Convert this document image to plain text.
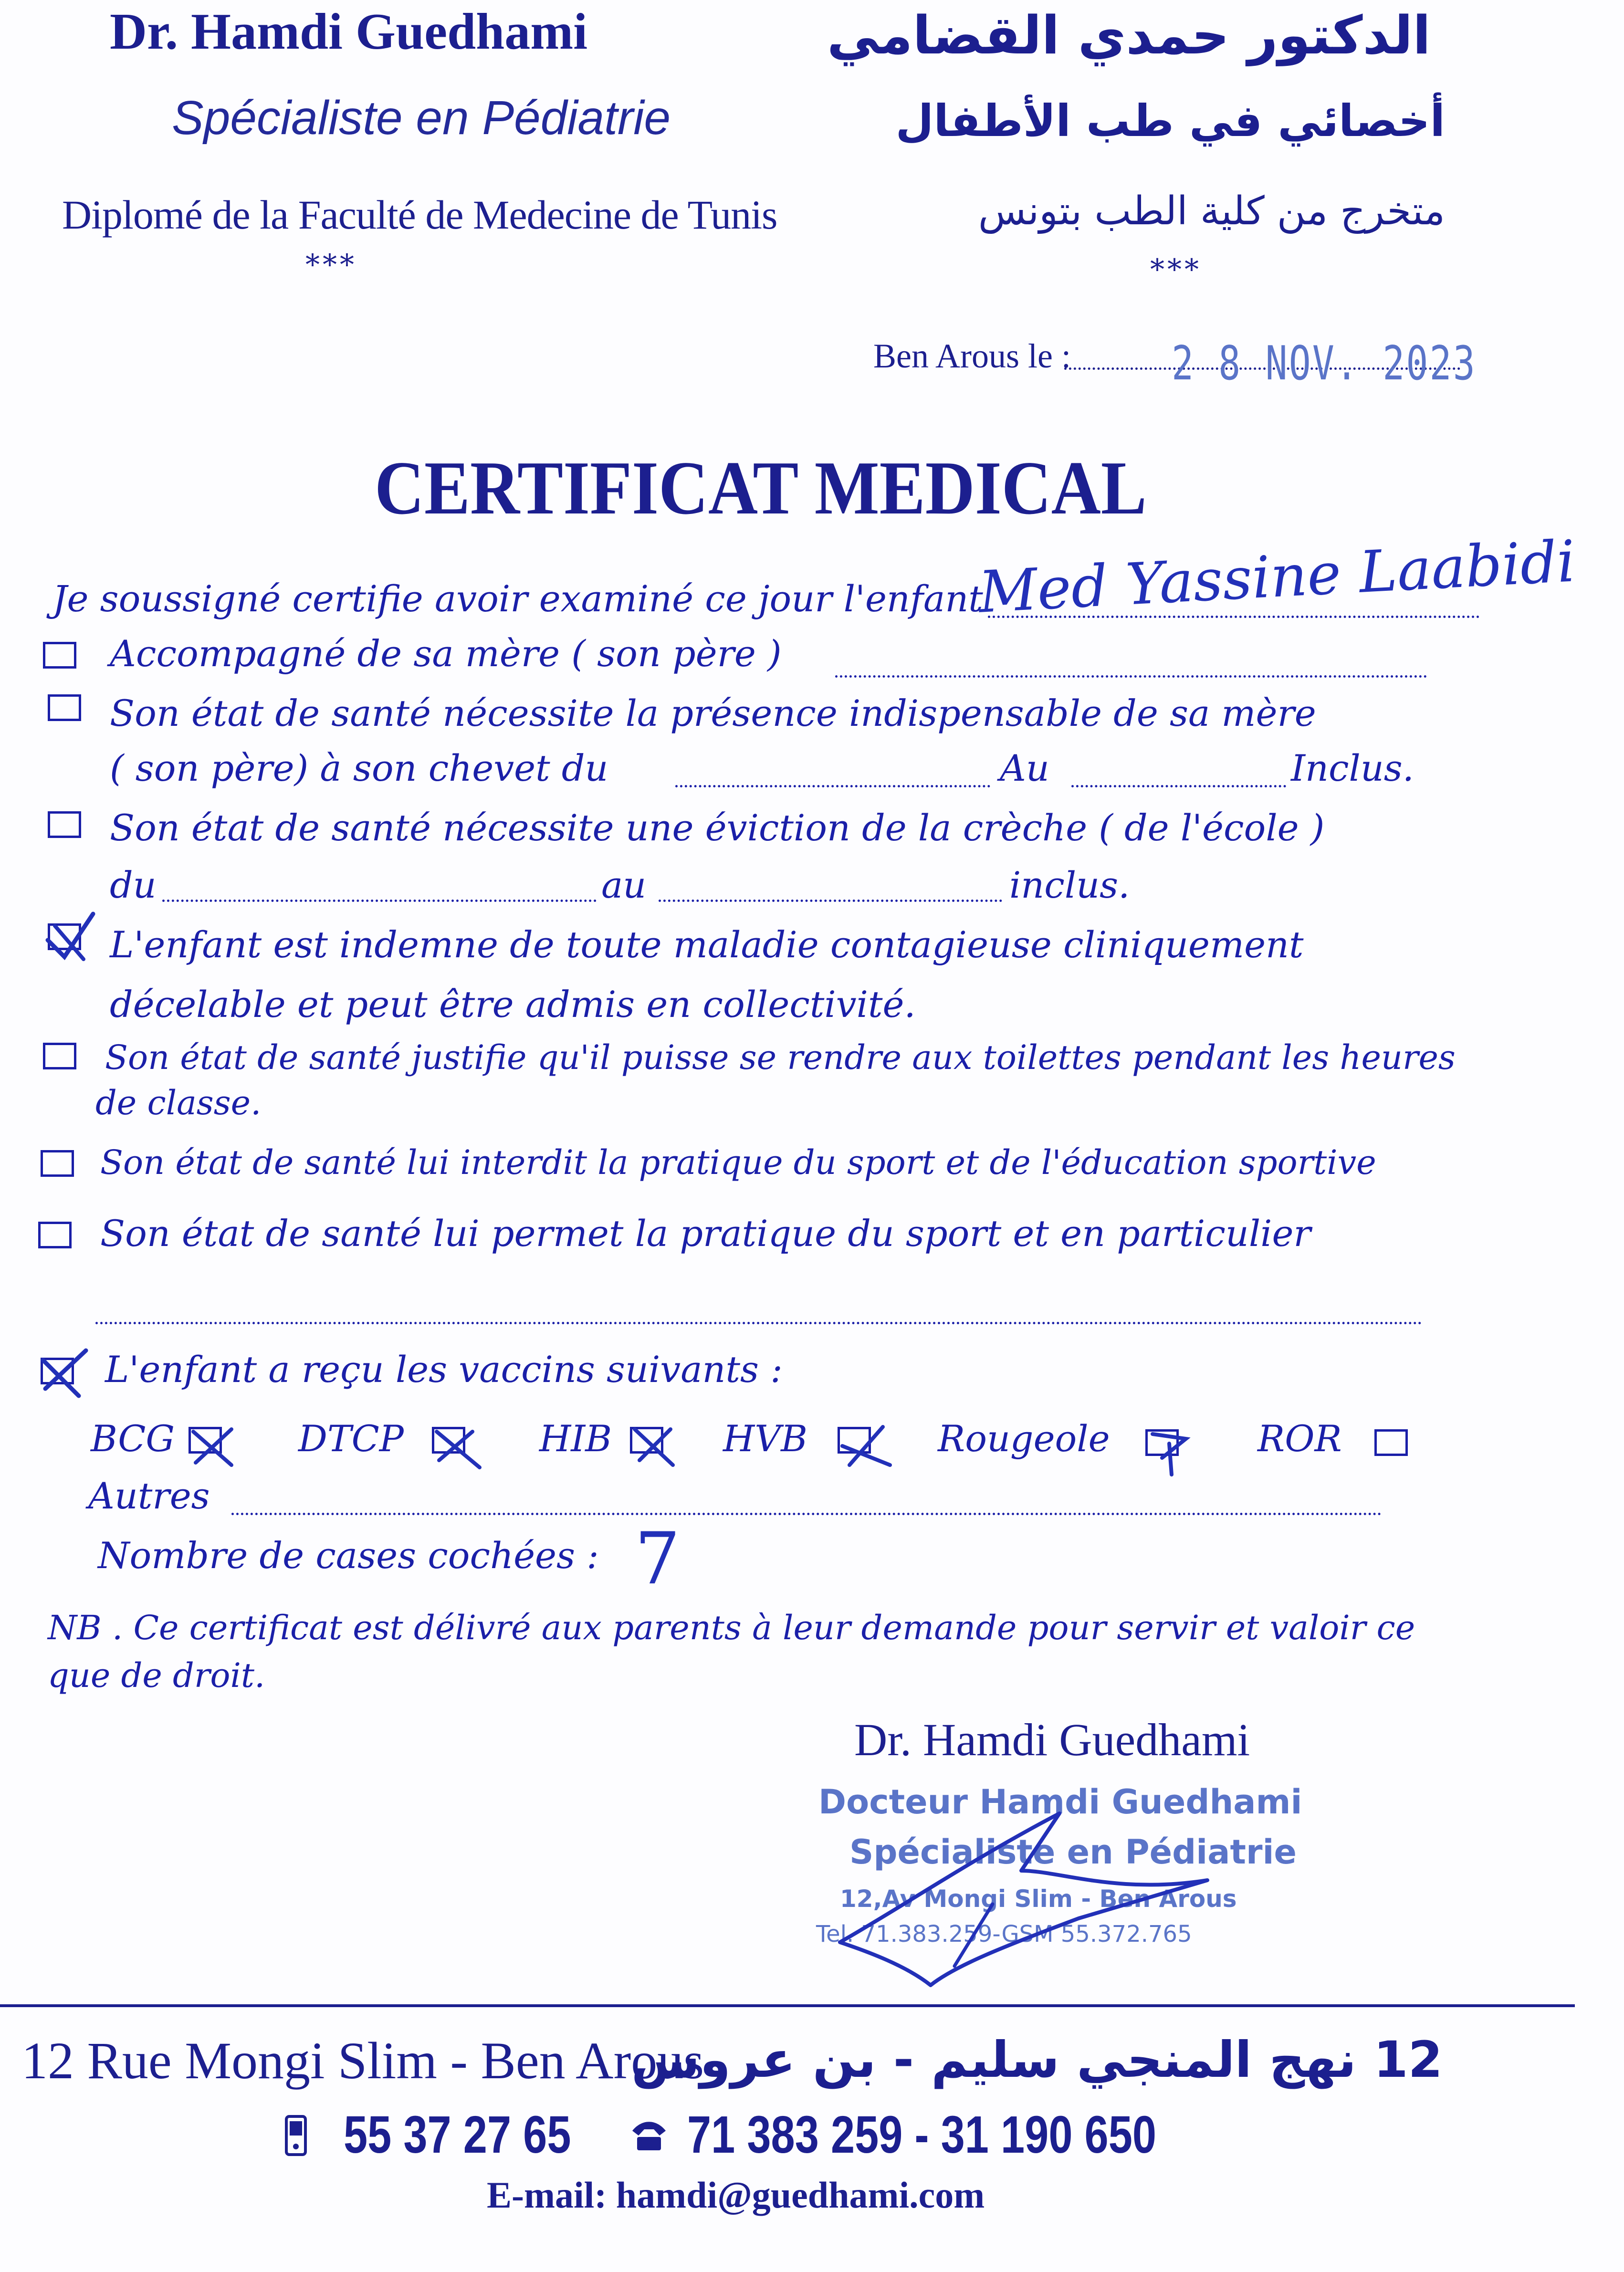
Dr. Hamdi Guedhami
Spécialiste en Pédiatrie
Diplomé de la Faculté de Medecine de Tunis
***
الدكتور حمدي القضامي
أخصائي في طب الأطفال
متخرج من كلية الطب بتونس
***
Ben Arous le : 2 8 NOV. 2023
CERTIFICAT MEDICAL
Je soussigné certifie avoir examiné ce jour l'enfant
Med Yassine Laabidi
Accompagné de sa mère ( son père )
Son état de santé nécessite la présence indispensable de sa mère
( son père) à son chevet du	Au	Inclus.
Son état de santé nécessite une éviction de la crèche ( de l'école )
du	au	inclus.
L'enfant est indemne de toute maladie contagieuse cliniquement
décelable et peut être admis en collectivité.
Son état de santé justifie qu'il puisse se rendre aux toilettes pendant les heures
de classe.
Son état de santé lui interdit la pratique du sport et de l'éducation sportive
Son état de santé lui permet la pratique du sport et en particulier
L'enfant a reçu les vaccins suivants :
BCG	DTCP	HIB	HVB	Rougeole	ROR
Autres
Nombre de cases cochées : 7
NB . Ce certificat est délivré aux parents à leur demande pour servir et valoir ce
que de droit.
Dr. Hamdi Guedhami
Docteur Hamdi Guedhami
Spécialiste en Pédiatrie
12,Av Mongi Slim - Ben Arous
Tel. 71.383.259-GSM 55.372.765
12 Rue Mongi Slim - Ben Arous
12 نهج المنجي سليم - بن عروس
55 37 27 65 71 383 259 - 31 190 650
E-mail: hamdi@guedhami.com
